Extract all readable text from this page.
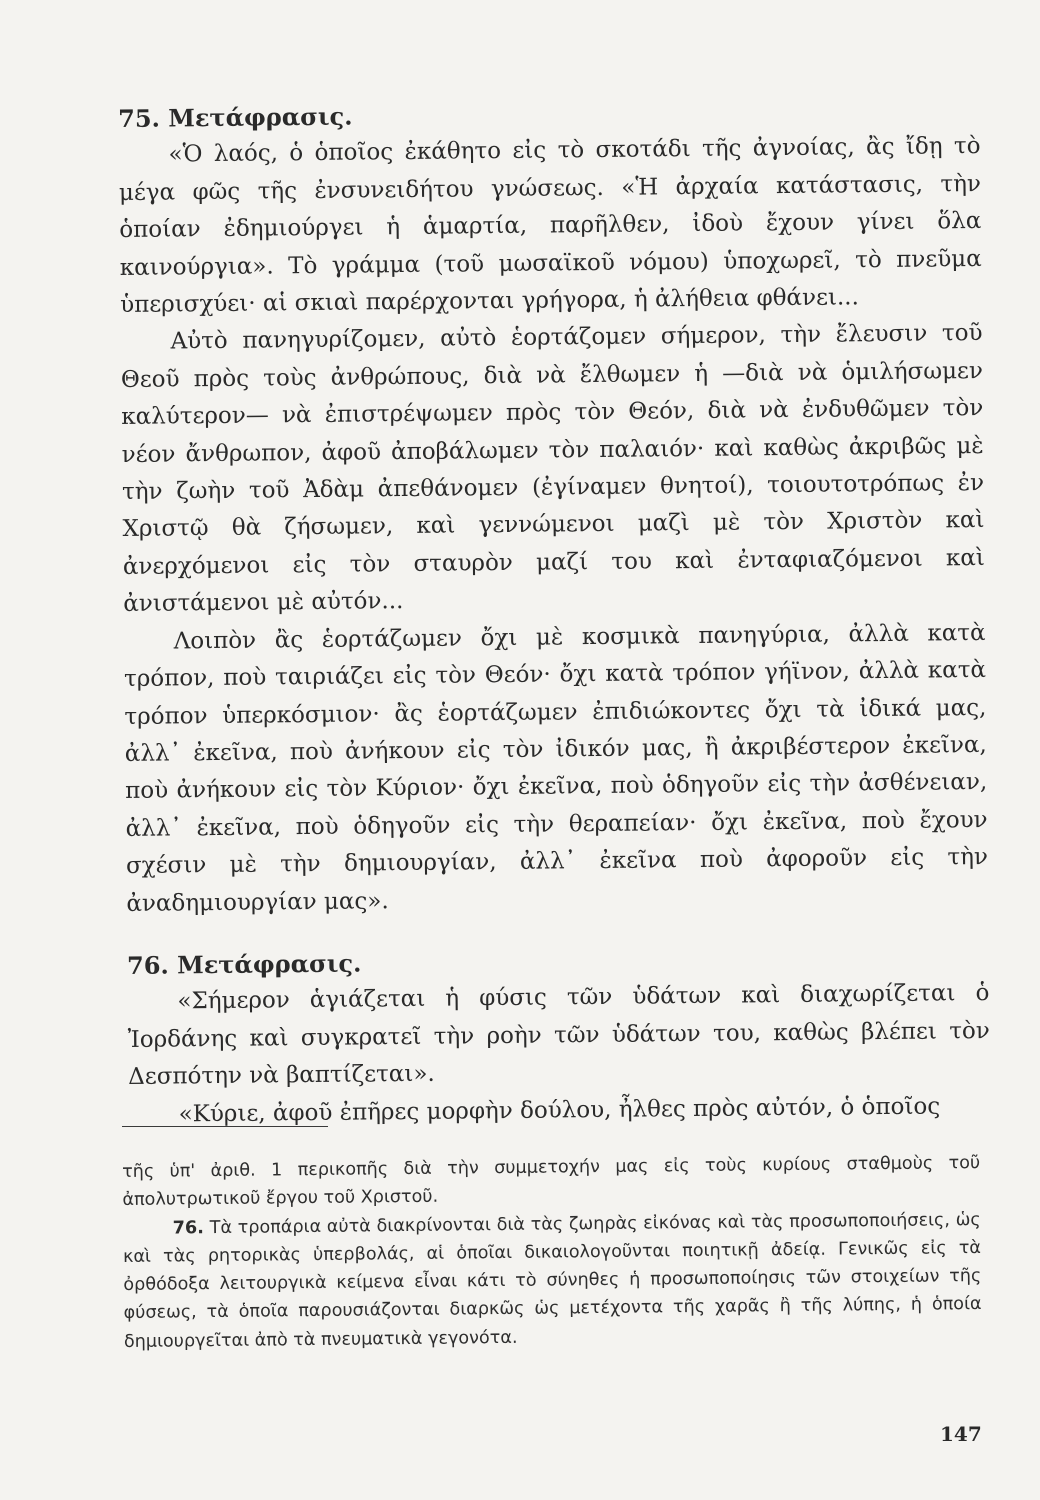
75. Μετάφρασις.

«Ὁ λαός, ὁ ὁποῖος ἐκάθητο εἰς τὸ σκοτάδι τῆς ἀγνοίας, ἂς ἴδῃ τὸ μέγα φῶς τῆς ἐνσυνειδήτου γνώσεως. «Ἡ ἀρχαία κατάστασις, τὴν ὁποίαν ἐδημιούργει ἡ ἁμαρτία, παρῆλθεν, ἰδοὺ ἔχουν γίνει ὅλα καινούργια». Τὸ γράμμα (τοῦ μωσαϊκοῦ νόμου) ὑποχωρεῖ, τὸ πνεῦμα ὑπερισχύει· αἱ σκιαὶ παρέρχονται γρήγορα, ἡ ἀλήθεια φθάνει...

Αὐτὸ πανηγυρίζομεν, αὐτὸ ἑορτάζομεν σήμερον, τὴν ἔλευσιν τοῦ Θεοῦ πρὸς τοὺς ἀνθρώπους, διὰ νὰ ἔλθωμεν ἡ —διὰ νὰ ὁμιλήσωμεν καλύτερον— νὰ ἐπιστρέψωμεν πρὸς τὸν Θεόν, διὰ νὰ ἐνδυθῶμεν τὸν νέον ἄνθρωπον, ἀφοῦ ἀποβάλωμεν τὸν παλαιόν· καὶ καθὼς ἀκριβῶς μὲ τὴν ζωὴν τοῦ Ἀδὰμ ἀπεθάνομεν (ἐγίναμεν θνητοί), τοιουτοτρόπως ἐν Χριστῷ θὰ ζήσωμεν, καὶ γεννώμενοι μαζὶ μὲ τὸν Χριστὸν καὶ ἀνερχόμενοι εἰς τὸν σταυρὸν μαζί του καὶ ἐνταφιαζόμενοι καὶ ἀνιστάμενοι μὲ αὐτόν...

Λοιπὸν ἂς ἑορτάζωμεν ὄχι μὲ κοσμικὰ πανηγύρια, ἀλλὰ κατὰ τρόπον, ποὺ ταιριάζει εἰς τὸν Θεόν· ὄχι κατὰ τρόπον γήϊνον, ἀλλὰ κατὰ τρόπον ὑπερκόσμιον· ἂς ἑορτάζωμεν ἐπιδιώκοντες ὄχι τὰ ἰδικά μας, ἀλλ᾽ ἐκεῖνα, ποὺ ἀνήκουν εἰς τὸν ἰδικόν μας, ἢ ἀκριβέστερον ἐκεῖνα, ποὺ ἀνήκουν εἰς τὸν Κύριον· ὄχι ἐκεῖνα, ποὺ ὁδηγοῦν εἰς τὴν ἀσθένειαν, ἀλλ᾽ ἐκεῖνα, ποὺ ὁδηγοῦν εἰς τὴν θεραπείαν· ὄχι ἐκεῖνα, ποὺ ἔχουν σχέσιν μὲ τὴν δημιουργίαν, ἀλλ᾽ ἐκεῖνα ποὺ ἀφοροῦν εἰς τὴν ἀναδημιουργίαν μας».

76. Μετάφρασις.

«Σήμερον ἁγιάζεται ἡ φύσις τῶν ὑδάτων καὶ διαχωρίζεται ὁ Ἰορδάνης καὶ συγκρατεῖ τὴν ροὴν τῶν ὑδάτων του, καθὼς βλέπει τὸν Δεσπότην νὰ βαπτίζεται».

«Κύριε, ἀφοῦ ἐπῆρες μορφὴν δούλου, ἦλθες πρὸς αὐτόν, ὁ ὁποῖος

τῆς ὑπ' ἀριθ. 1 περικοπῆς διὰ τὴν συμμετοχήν μας εἰς τοὺς κυρίους σταθμοὺς τοῦ ἀπολυτρωτικοῦ ἔργου τοῦ Χριστοῦ.

76. Τὰ τροπάρια αὐτὰ διακρίνονται διὰ τὰς ζωηρὰς εἰκόνας καὶ τὰς προσωποποιήσεις, ὡς καὶ τὰς ρητορικὰς ὑπερβολάς, αἱ ὁποῖαι δικαιολογοῦνται ποιητικῇ ἀδείᾳ. Γενικῶς εἰς τὰ ὀρθόδοξα λειτουργικὰ κείμενα εἶναι κάτι τὸ σύνηθες ἡ προσωποποίησις τῶν στοιχείων τῆς φύσεως, τὰ ὁποῖα παρουσιάζονται διαρκῶς ὡς μετέχοντα τῆς χαρᾶς ἢ τῆς λύπης, ἡ ὁποία δημιουργεῖται ἀπὸ τὰ πνευματικὰ γεγονότα.

147
